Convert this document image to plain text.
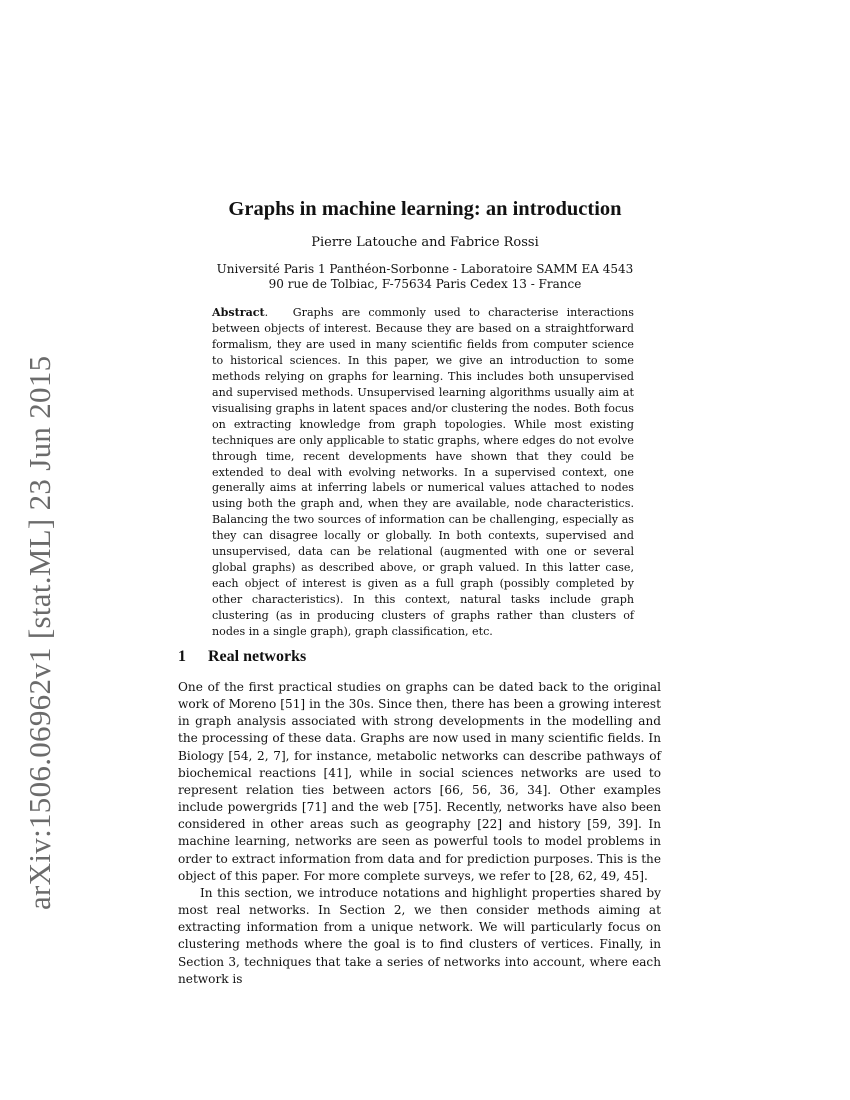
arXiv:1506.06962v1 [stat.ML] 23 Jun 2015
Graphs in machine learning: an introduction
Pierre Latouche and Fabrice Rossi
Université Paris 1 Panthéon-Sorbonne - Laboratoire SAMM EA 4543
90 rue de Tolbiac, F-75634 Paris Cedex 13 - France
Abstract.   Graphs are commonly used to characterise interactions between objects of interest. Because they are based on a straightforward formalism, they are used in many scientific fields from computer science to historical sciences. In this paper, we give an introduction to some methods relying on graphs for learning. This includes both unsupervised and supervised methods. Unsupervised learning algorithms usually aim at visualising graphs in latent spaces and/or clustering the nodes. Both focus on extracting knowledge from graph topologies. While most existing techniques are only applicable to static graphs, where edges do not evolve through time, recent developments have shown that they could be extended to deal with evolving networks. In a supervised context, one generally aims at inferring labels or numerical values attached to nodes using both the graph and, when they are available, node characteristics. Balancing the two sources of information can be challenging, especially as they can disagree locally or globally. In both contexts, supervised and unsupervised, data can be relational (augmented with one or several global graphs) as described above, or graph valued. In this latter case, each object of interest is given as a full graph (possibly completed by other characteristics). In this context, natural tasks include graph clustering (as in producing clusters of graphs rather than clusters of nodes in a single graph), graph classification, etc.
1 Real networks

One of the first practical studies on graphs can be dated back to the original work of Moreno [51] in the 30s. Since then, there has been a growing interest in graph analysis associated with strong developments in the modelling and the processing of these data. Graphs are now used in many scientific fields. In Biology [54, 2, 7], for instance, metabolic networks can describe pathways of biochemical reactions [41], while in social sciences networks are used to represent relation ties between actors [66, 56, 36, 34]. Other examples include powergrids [71] and the web [75]. Recently, networks have also been considered in other areas such as geography [22] and history [59, 39]. In machine learning, networks are seen as powerful tools to model problems in order to extract information from data and for prediction purposes. This is the object of this paper. For more complete surveys, we refer to [28, 62, 49, 45].

In this section, we introduce notations and highlight properties shared by most real networks. In Section 2, we then consider methods aiming at extracting information from a unique network. We will particularly focus on clustering methods where the goal is to find clusters of vertices. Finally, in Section 3, techniques that take a series of networks into account, where each network is
